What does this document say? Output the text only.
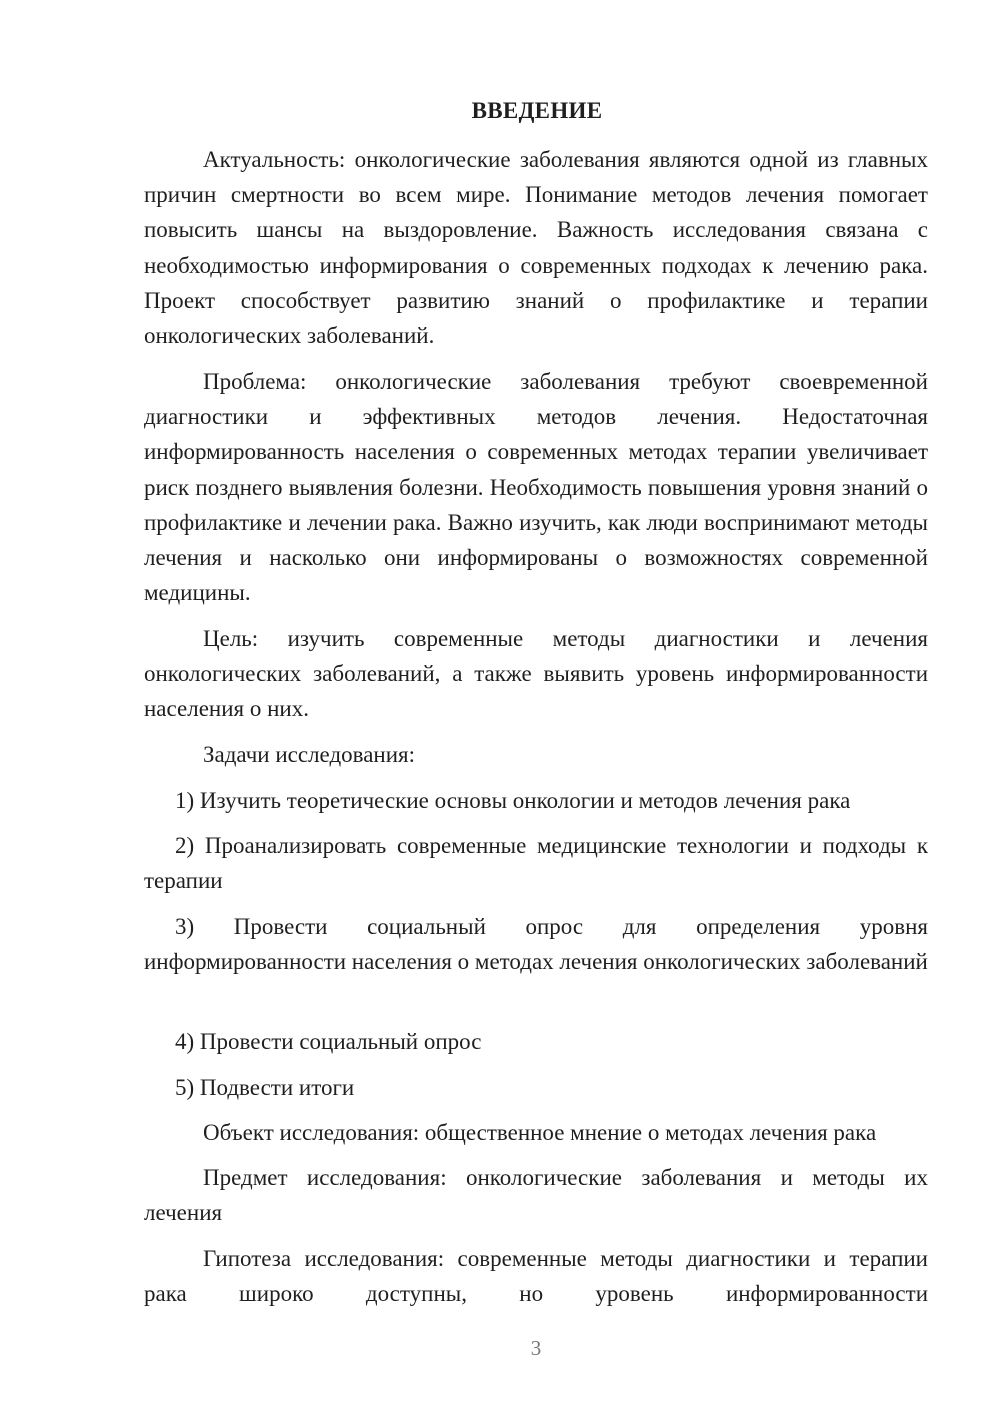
ВВЕДЕНИЕ
Актуальность: онкологические заболевания являются одной из главных причин смертности во всем мире. Понимание методов лечения помогает повысить шансы на выздоровление. Важность исследования связана с необходимостью информирования о современных подходах к лечению рака. Проект способствует развитию знаний о профилактике и терапии онкологических заболеваний.
Проблема: онкологические заболевания требуют своевременной диагностики и эффективных методов лечения. Недостаточная информированность населения о современных методах терапии увеличивает риск позднего выявления болезни. Необходимость повышения уровня знаний о профилактике и лечении рака. Важно изучить, как люди воспринимают методы лечения и насколько они информированы о возможностях современной медицины.
Цель: изучить современные методы диагностики и лечения онкологических заболеваний, а также выявить уровень информированности населения о них.
Задачи исследования:
1) Изучить теоретические основы онкологии и методов лечения рака
2) Проанализировать современные медицинские технологии и подходы к терапии
3) Провести социальный опрос для определения уровня информированности населения о методах лечения онкологических заболеваний
4) Провести социальный опрос
5) Подвести итоги
Объект исследования: общественное мнение о методах лечения рака
Предмет исследования: онкологические заболевания и методы их лечения
Гипотеза исследования: современные методы диагностики и терапии рака широко доступны, но уровень информированности
3
